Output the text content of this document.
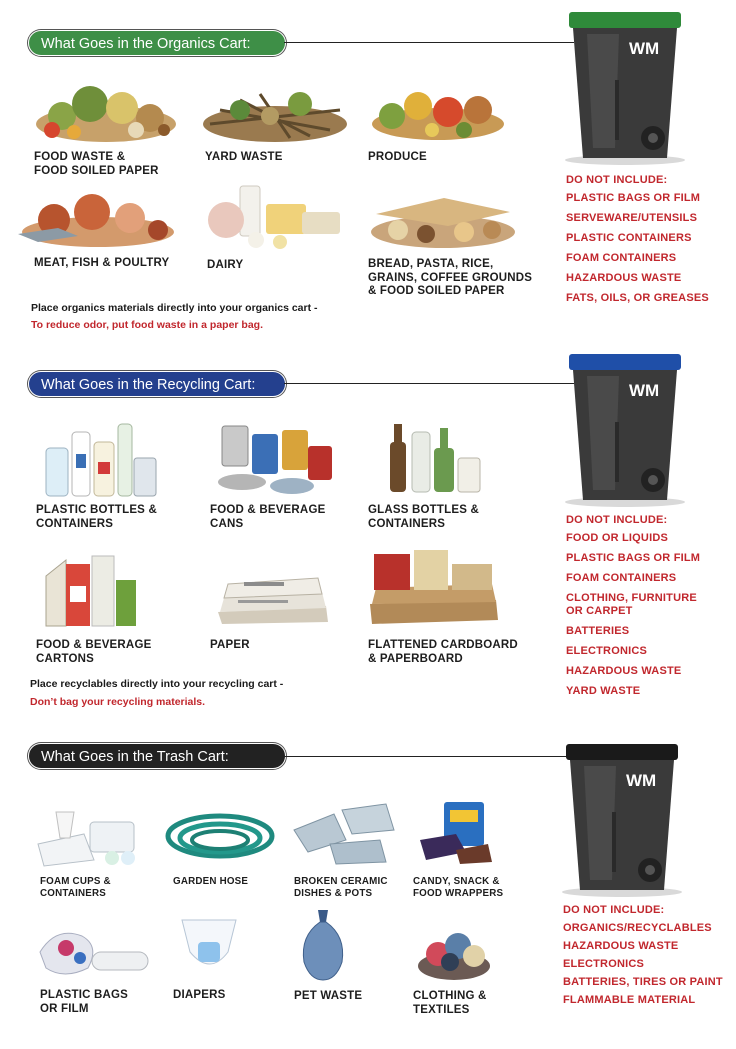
What Goes in the Organics Cart:
FOOD WASTE &
FOOD SOILED PAPER
YARD WASTE	PRODUCE
MEAT, FISH & POULTRY	DAIRY	BREAD, PASTA, RICE,
GRAINS, COFFEE GROUNDS
& FOOD SOILED PAPER
Place organics materials directly into your organics cart -
To reduce odor, put food waste in a paper bag.
WM
DO NOT INCLUDE:
PLASTIC BAGS OR FILM
SERVEWARE/UTENSILS
PLASTIC CONTAINERS
FOAM CONTAINERS
HAZARDOUS WASTE
FATS, OILS, OR GREASES
What Goes in the Recycling Cart:
PLASTIC BOTTLES &
CONTAINERS
FOOD & BEVERAGE
CANS
GLASS BOTTLES &
CONTAINERS
FOOD & BEVERAGE
CARTONS
PAPER	FLATTENED CARDBOARD
& PAPERBOARD
Place recyclables directly into your recycling cart -
Don’t bag your recycling materials.
WM
DO NOT INCLUDE:
FOOD OR LIQUIDS
PLASTIC BAGS OR FILM
FOAM CONTAINERS
CLOTHING, FURNITURE
OR CARPET
BATTERIES
ELECTRONICS
HAZARDOUS WASTE
YARD WASTE
What Goes in the Trash Cart:
FOAM CUPS &
CONTAINERS
GARDEN HOSE	BROKEN CERAMIC
DISHES & POTS
CANDY, SNACK &
FOOD WRAPPERS
PLASTIC BAGS
OR FILM
DIAPERS	PET WASTE	CLOTHING &
TEXTILES
WM
DO NOT INCLUDE:
ORGANICS/RECYCLABLES
HAZARDOUS WASTE
ELECTRONICS
BATTERIES, TIRES OR PAINT
FLAMMABLE MATERIAL
